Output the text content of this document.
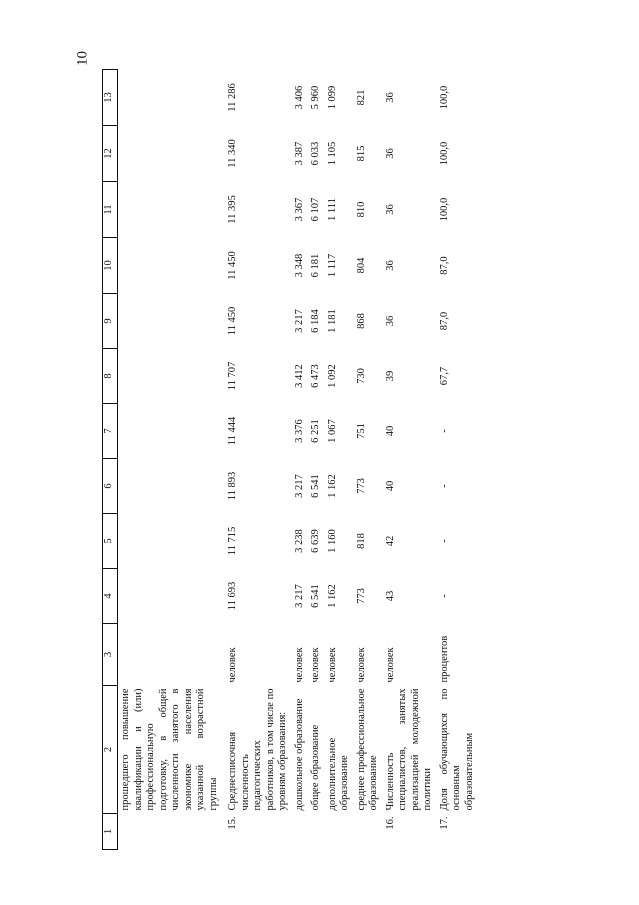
10
1	2	3	4	5	6	7	8	9	10	11	12	13
	прошедшего повышение квалификации и (или) профессиональную подготовку, в общей численности занятого в экономике населения указанной возрастной группы											
15.	Среднесписочная численность педагогических работников, в том числе по уровням образования:	человек	11 693	11 715	11 893	11 444	11 707	11 450	11 450	11 395	11 340	11 286
	дошкольное образование	человек	3 217	3 238	3 217	3 376	3 412	3 217	3 348	3 367	3 387	3 406
	общее образование	человек	6 541	6 639	6 541	6 251	6 473	6 184	6 181	6 107	6 033	5 960
	дополнительное образование	человек	1 162	1 160	1 162	1 067	1 092	1 181	1 117	1 111	1 105	1 099
	среднее профессиональное образование	человек	773	818	773	751	730	868	804	810	815	821
16.	Численность специалистов, занятых реализацией молодежной политики	человек	43	42	40	40	39	36	36	36	36	36
17.	Доля обучающихся по основным образовательным	процентов	-	-	-	-	67,7	87,0	87,0	100,0	100,0	100,0
